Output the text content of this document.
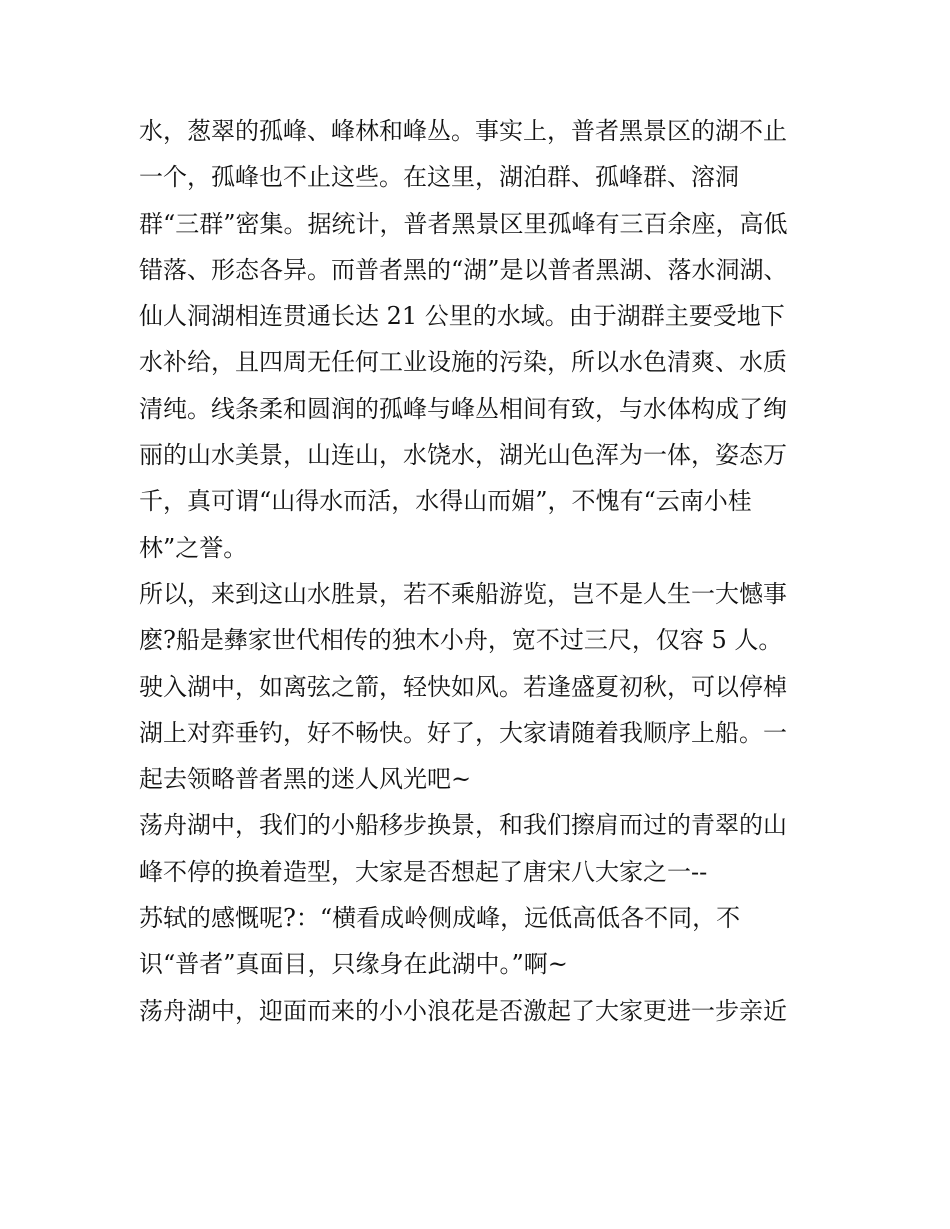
水，葱翠的孤峰、峰林和峰丛。事实上，普者黑景区的湖不止
一个，孤峰也不止这些。在这里，湖泊群、孤峰群、溶洞
群“三群”密集。据统计，普者黑景区里孤峰有三百余座，高低
错落、形态各异。而普者黑的“湖”是以普者黑湖、落水洞湖、
仙人洞湖相连贯通长达 21 公里的水域。由于湖群主要受地下
水补给，且四周无任何工业设施的污染，所以水色清爽、水质
清纯。线条柔和圆润的孤峰与峰丛相间有致，与水体构成了绚
丽的山水美景，山连山，水饶水，湖光山色浑为一体，姿态万
千，真可谓“山得水而活，水得山而媚”，不愧有“云南小桂
林”之誉。
所以，来到这山水胜景，若不乘船游览，岂不是人生一大憾事
麽?船是彝家世代相传的独木小舟，宽不过三尺，仅容 5 人。
驶入湖中，如离弦之箭，轻快如风。若逢盛夏初秋，可以停棹
湖上对弈垂钓，好不畅快。好了，大家请随着我顺序上船。一
起去领略普者黑的迷人风光吧~
荡舟湖中，我们的小船移步换景，和我们擦肩而过的青翠的山
峰不停的换着造型，大家是否想起了唐宋八大家之一--
苏轼的感慨呢?：“横看成岭侧成峰，远低高低各不同，不
识“普者”真面目，只缘身在此湖中。”啊~
荡舟湖中，迎面而来的小小浪花是否激起了大家更进一步亲近
